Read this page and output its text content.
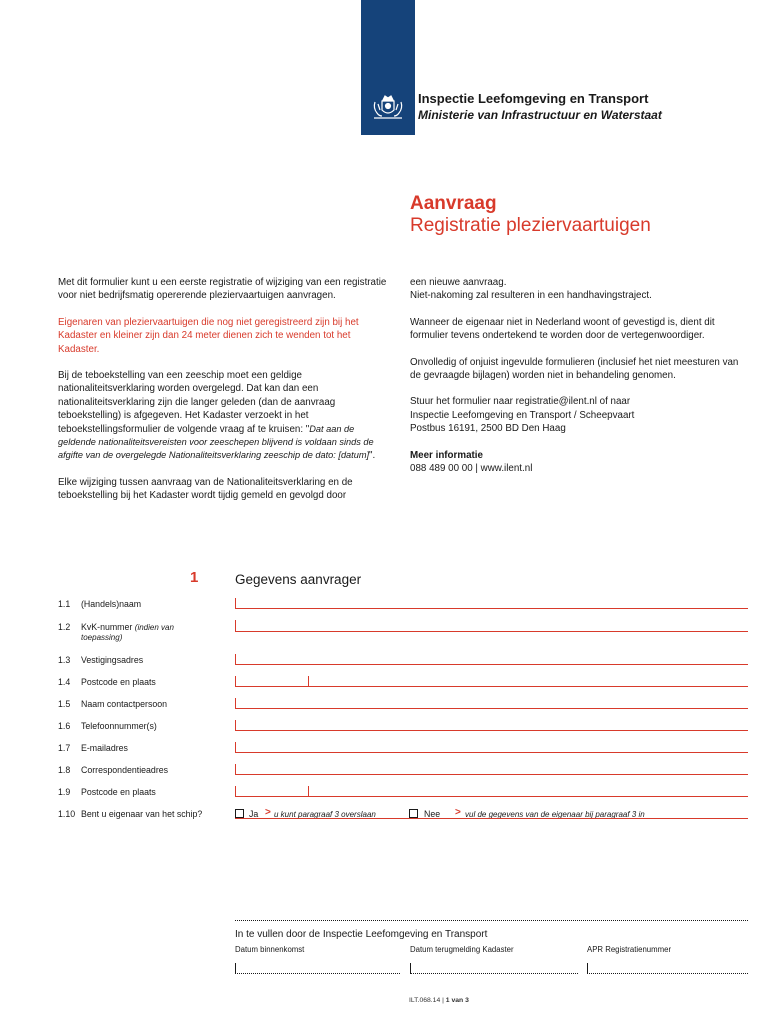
Inspectie Leefomgeving en Transport
Ministerie van Infrastructuur en Waterstaat
Aanvraag
Registratie pleziervaartuigen

Met dit formulier kunt u een eerste registratie of wijziging van een registratie voor niet bedrijfsmatig opererende pleziervaartuigen aanvragen.

Eigenaren van pleziervaartuigen die nog niet geregistreerd zijn bij het Kadaster en kleiner zijn dan 24 meter dienen zich te wenden tot het Kadaster.

Bij de teboekstelling van een zeeschip moet een geldige nationaliteitsverklaring worden overgelegd. Dat kan dan een nationaliteitsverklaring zijn die langer geleden (dan de aanvraag teboekstelling) is afgegeven. Het Kadaster verzoekt in het teboekstellingsformulier de volgende vraag af te kruisen: "Dat aan de geldende nationaliteitsvereisten voor zeeschepen blijvend is voldaan sinds de afgifte van de overgelegde Nationaliteitsverklaring zeeschip de dato: [datum]".

Elke wijziging tussen aanvraag van de Nationaliteitsverklaring en de teboekstelling bij het Kadaster wordt tijdig gemeld en gevolgd door

een nieuwe aanvraag.

Niet-nakoming zal resulteren in een handhavingstraject.

Wanneer de eigenaar niet in Nederland woont of gevestigd is, dient dit formulier tevens ondertekend te worden door de vertegenwoordiger.

Onvolledig of onjuist ingevulde formulieren (inclusief het niet meesturen van de gevraagde bijlagen) worden niet in behandeling genomen.

Stuur het formulier naar registratie@ilent.nl of naar

Inspectie Leefomgeving en Transport / Scheepvaart

Postbus 16191, 2500 BD Den Haag

Meer informatie

088 489 00 00 | www.ilent.nl

1	Gegevens aanvrager
1.1 (Handels)naam
1.2 KvK-nummer (indien van toepassing)
1.3 Vestigingsadres
1.4 Postcode en plaats
1.5 Naam contactpersoon
1.6 Telefoonnummer(s)
1.7 E-mailadres
1.8 Correspondentieadres
1.9 Postcode en plaats
1.10 Bent u eigenaar van het schip?	Ja > u kunt paragraaf 3 overslaan	Nee > vul de gegevens van de eigenaar bij paragraaf 3 in
In te vullen door de Inspectie Leefomgeving en Transport
Datum binnenkomst	Datum terugmelding Kadaster	APR Registratienummer
ILT.068.14 | 1 van 3
